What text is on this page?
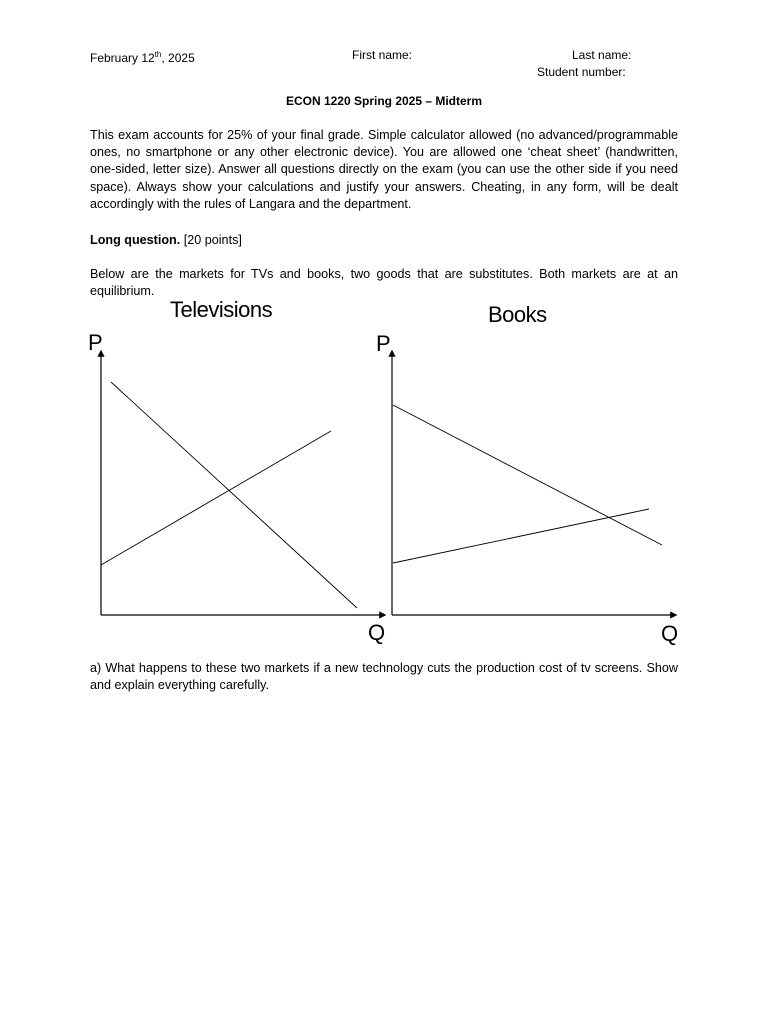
February 12th, 2025	First name:	Last name:
Student number:
ECON 1220 Spring 2025 – Midterm
This exam accounts for 25% of your final grade. Simple calculator allowed (no advanced/programmable ones, no smartphone or any other electronic device). You are allowed one ‘cheat sheet’ (handwritten, one-sided, letter size). Answer all questions directly on the exam (you can use the other side if you need space). Always show your calculations and justify your answers. Cheating, in any form, will be dealt accordingly with the rules of Langara and the department.
Long question. [20 points]
Below are the markets for TVs and books, two goods that are substitutes. Both markets are at an equilibrium.
Televisions	Books
P
Q
P
Q
a) What happens to these two markets if a new technology cuts the production cost of tv screens. Show and explain everything carefully.
